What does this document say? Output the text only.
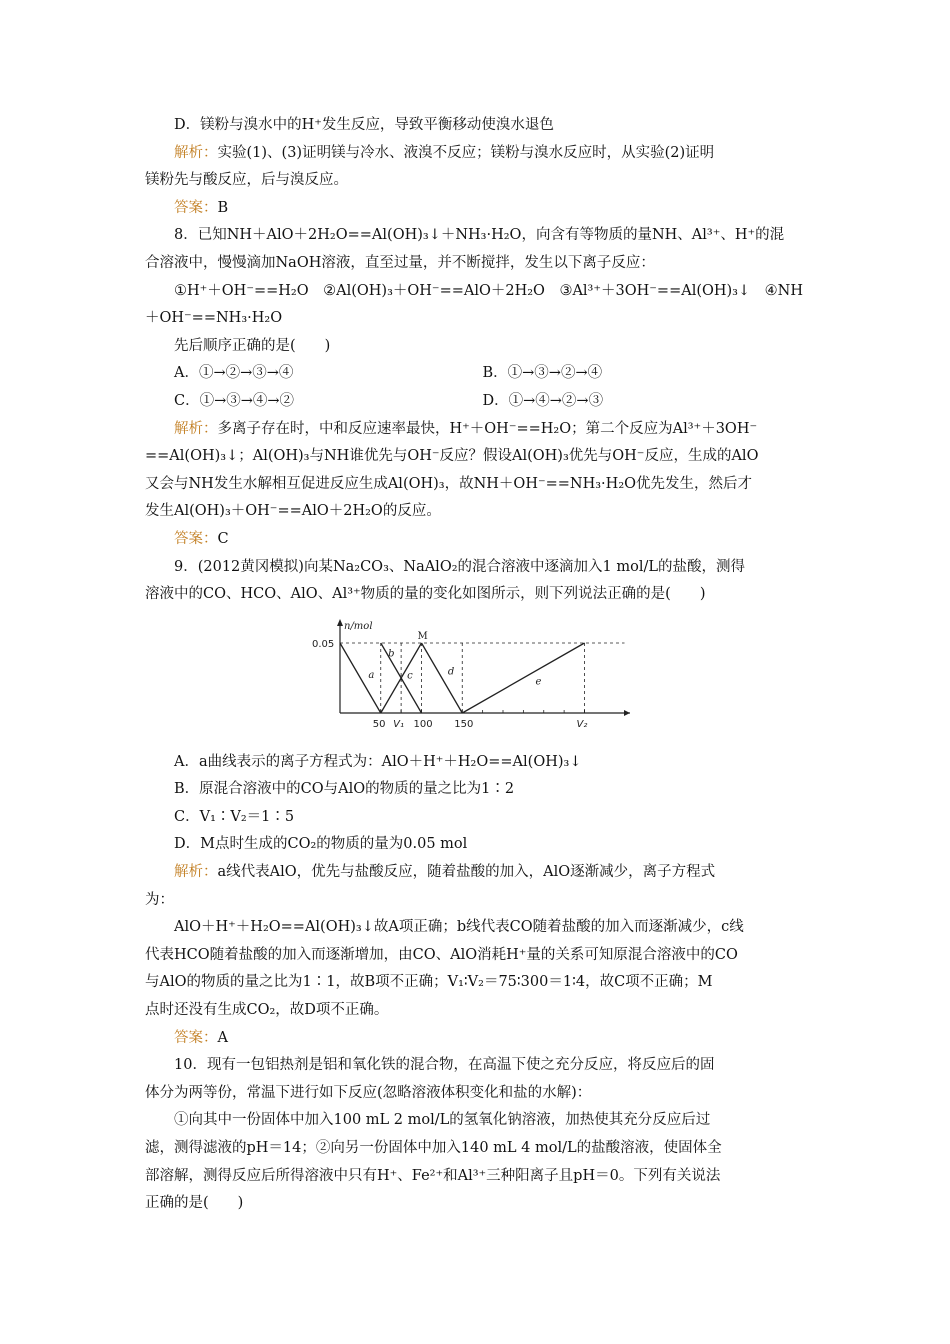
D．镁粉与溴水中的H⁺发生反应，导致平衡移动使溴水退色
解析：实验(1)、(3)证明镁与冷水、液溴不反应；镁粉与溴水反应时，从实验(2)证明
镁粉先与酸反应，后与溴反应。
答案：B
8．已知NH＋AlO＋2H₂O==Al(OH)₃↓＋NH₃·H₂O，向含有等物质的量NH、Al³⁺、H⁺的混
合溶液中，慢慢滴加NaOH溶液，直至过量，并不断搅拌，发生以下离子反应：
①H⁺＋OH⁻==H₂O　②Al(OH)₃＋OH⁻==AlO＋2H₂O　③Al³⁺＋3OH⁻==Al(OH)₃↓　④NH
＋OH⁻==NH₃·H₂O
先后顺序正确的是(　　)
A．①→②→③→④	B．①→③→②→④
C．①→③→④→②	D．①→④→②→③
解析：多离子存在时，中和反应速率最快，H⁺＋OH⁻==H₂O；第二个反应为Al³⁺＋3OH⁻
==Al(OH)₃↓；Al(OH)₃与NH谁优先与OH⁻反应？假设Al(OH)₃优先与OH⁻反应，生成的AlO
又会与NH发生水解相互促进反应生成Al(OH)₃，故NH＋OH⁻==NH₃·H₂O优先发生，然后才
发生Al(OH)₃＋OH⁻==AlO＋2H₂O的反应。
答案：C
9．(2012黄冈模拟)向某Na₂CO₃、NaAlO₂的混合溶液中逐滴加入1 mol/L的盐酸，测得
溶液中的CO、HCO、AlO、Al³⁺物质的量的变化如图所示，则下列说法正确的是(　　)
n/mol
0.05
50 V₁ 100 150	V₂
a
b
c	d
e
M
A．a曲线表示的离子方程式为：AlO＋H⁺＋H₂O==Al(OH)₃↓
B．原混合溶液中的CO与AlO的物质的量之比为1∶2
C．V₁∶V₂＝1∶5
D．M点时生成的CO₂的物质的量为0.05 mol
解析：a线代表AlO，优先与盐酸反应，随着盐酸的加入，AlO逐渐减少，离子方程式
为：
AlO＋H⁺＋H₂O==Al(OH)₃↓故A项正确；b线代表CO随着盐酸的加入而逐渐减少，c线
代表HCO随着盐酸的加入而逐渐增加，由CO、AlO消耗H⁺量的关系可知原混合溶液中的CO
与AlO的物质的量之比为1∶1，故B项不正确；V₁∶V₂＝75∶300＝1∶4，故C项不正确；M
点时还没有生成CO₂，故D项不正确。
答案：A
10．现有一包铝热剂是铝和氧化铁的混合物，在高温下使之充分反应，将反应后的固
体分为两等份，常温下进行如下反应(忽略溶液体积变化和盐的水解)：
①向其中一份固体中加入100 mL 2 mol/L的氢氧化钠溶液，加热使其充分反应后过
滤，测得滤液的pH＝14；②向另一份固体中加入140 mL 4 mol/L的盐酸溶液，使固体全
部溶解，测得反应后所得溶液中只有H⁺、Fe²⁺和Al³⁺三种阳离子且pH＝0。下列有关说法
正确的是(　　)
